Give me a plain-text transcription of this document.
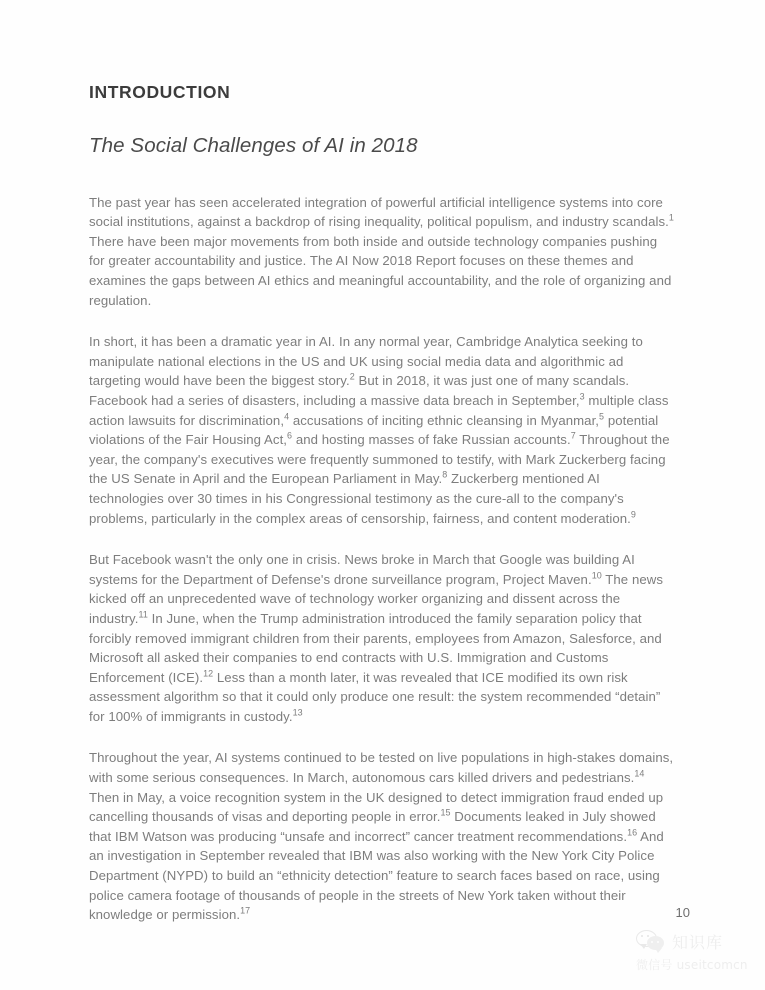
INTRODUCTION
The Social Challenges of AI in 2018

The past year has seen accelerated integration of powerful artificial intelligence systems into core social institutions, against a backdrop of rising inequality, political populism, and industry scandals.$^1$ There have been major movements from both inside and outside technology companies pushing for greater accountability and justice. The AI Now 2018 Report focuses on these themes and examines the gaps between AI ethics and meaningful accountability, and the role of organizing and regulation.

In short, it has been a dramatic year in AI. In any normal year, Cambridge Analytica seeking to manipulate national elections in the US and UK using social media data and algorithmic ad targeting would have been the biggest story.$^2$ But in 2018, it was just one of many scandals. Facebook had a series of disasters, including a massive data breach in September,$^3$ multiple class action lawsuits for discrimination,$^4$ accusations of inciting ethnic cleansing in Myanmar,$^5$ potential violations of the Fair Housing Act,$^6$ and hosting masses of fake Russian accounts.$^7$ Throughout the year, the company's executives were frequently summoned to testify, with Mark Zuckerberg facing the US Senate in April and the European Parliament in May.$^8$ Zuckerberg mentioned AI technologies over 30 times in his Congressional testimony as the cure-all to the company's problems, particularly in the complex areas of censorship, fairness, and content moderation.$^9$

But Facebook wasn't the only one in crisis. News broke in March that Google was building AI systems for the Department of Defense's drone surveillance program, Project Maven.$^{10}$ The news kicked off an unprecedented wave of technology worker organizing and dissent across the industry.$^{11}$ In June, when the Trump administration introduced the family separation policy that forcibly removed immigrant children from their parents, employees from Amazon, Salesforce, and Microsoft all asked their companies to end contracts with U.S. Immigration and Customs Enforcement (ICE).$^{12}$ Less than a month later, it was revealed that ICE modified its own risk assessment algorithm so that it could only produce one result: the system recommended “detain” for 100% of immigrants in custody.$^{13}$

Throughout the year, AI systems continued to be tested on live populations in high-stakes domains, with some serious consequences. In March, autonomous cars killed drivers and pedestrians.$^{14}$ Then in May, a voice recognition system in the UK designed to detect immigration fraud ended up cancelling thousands of visas and deporting people in error.$^{15}$ Documents leaked in July showed that IBM Watson was producing “unsafe and incorrect” cancer treatment recommendations.$^{16}$ And an investigation in September revealed that IBM was also working with the New York City Police Department (NYPD) to build an “ethnicity detection” feature to search faces based on race, using police camera footage of thousands of people in the streets of New York taken without their knowledge or permission.$^{17}$	10
知识库
微信号 useitcomcn
